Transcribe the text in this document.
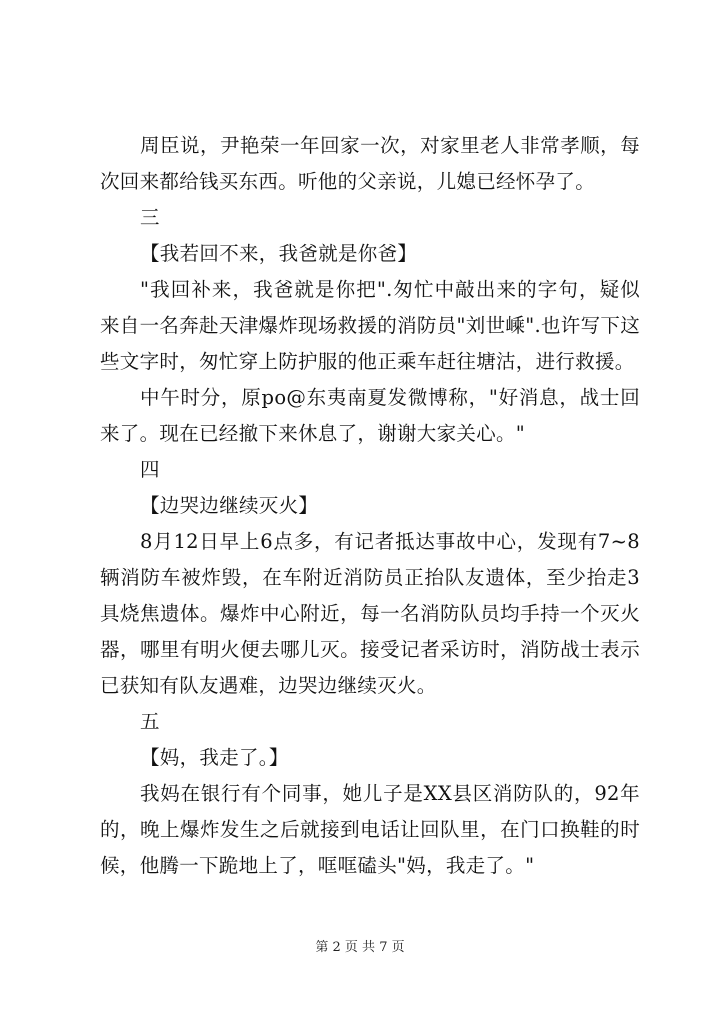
周臣说，尹艳荣一年回家一次，对家里老人非常孝顺，每次回来都给钱买东西。听他的父亲说，儿媳已经怀孕了。

三

【我若回不来，我爸就是你爸】

"我回补来，我爸就是你把".匆忙中敲出来的字句，疑似来自一名奔赴天津爆炸现场救援的消防员"刘世嵊".也许写下这些文字时，匆忙穿上防护服的他正乘车赶往塘沽，进行救援。

中午时分，原po@东夷南夏发微博称，"好消息，战士回来了。现在已经撤下来休息了，谢谢大家关心。"

四

【边哭边继续灭火】

8月12日早上6点多，有记者抵达事故中心，发现有7~8辆消防车被炸毁，在车附近消防员正抬队友遗体，至少抬走3具烧焦遗体。爆炸中心附近，每一名消防队员均手持一个灭火器，哪里有明火便去哪儿灭。接受记者采访时，消防战士表示已获知有队友遇难，边哭边继续灭火。

五

【妈，我走了。】

我妈在银行有个同事，她儿子是XX县区消防队的，92年的，晚上爆炸发生之后就接到电话让回队里，在门口换鞋的时候，他腾一下跪地上了，哐哐磕头"妈，我走了。"

第 2 页 共 7 页
